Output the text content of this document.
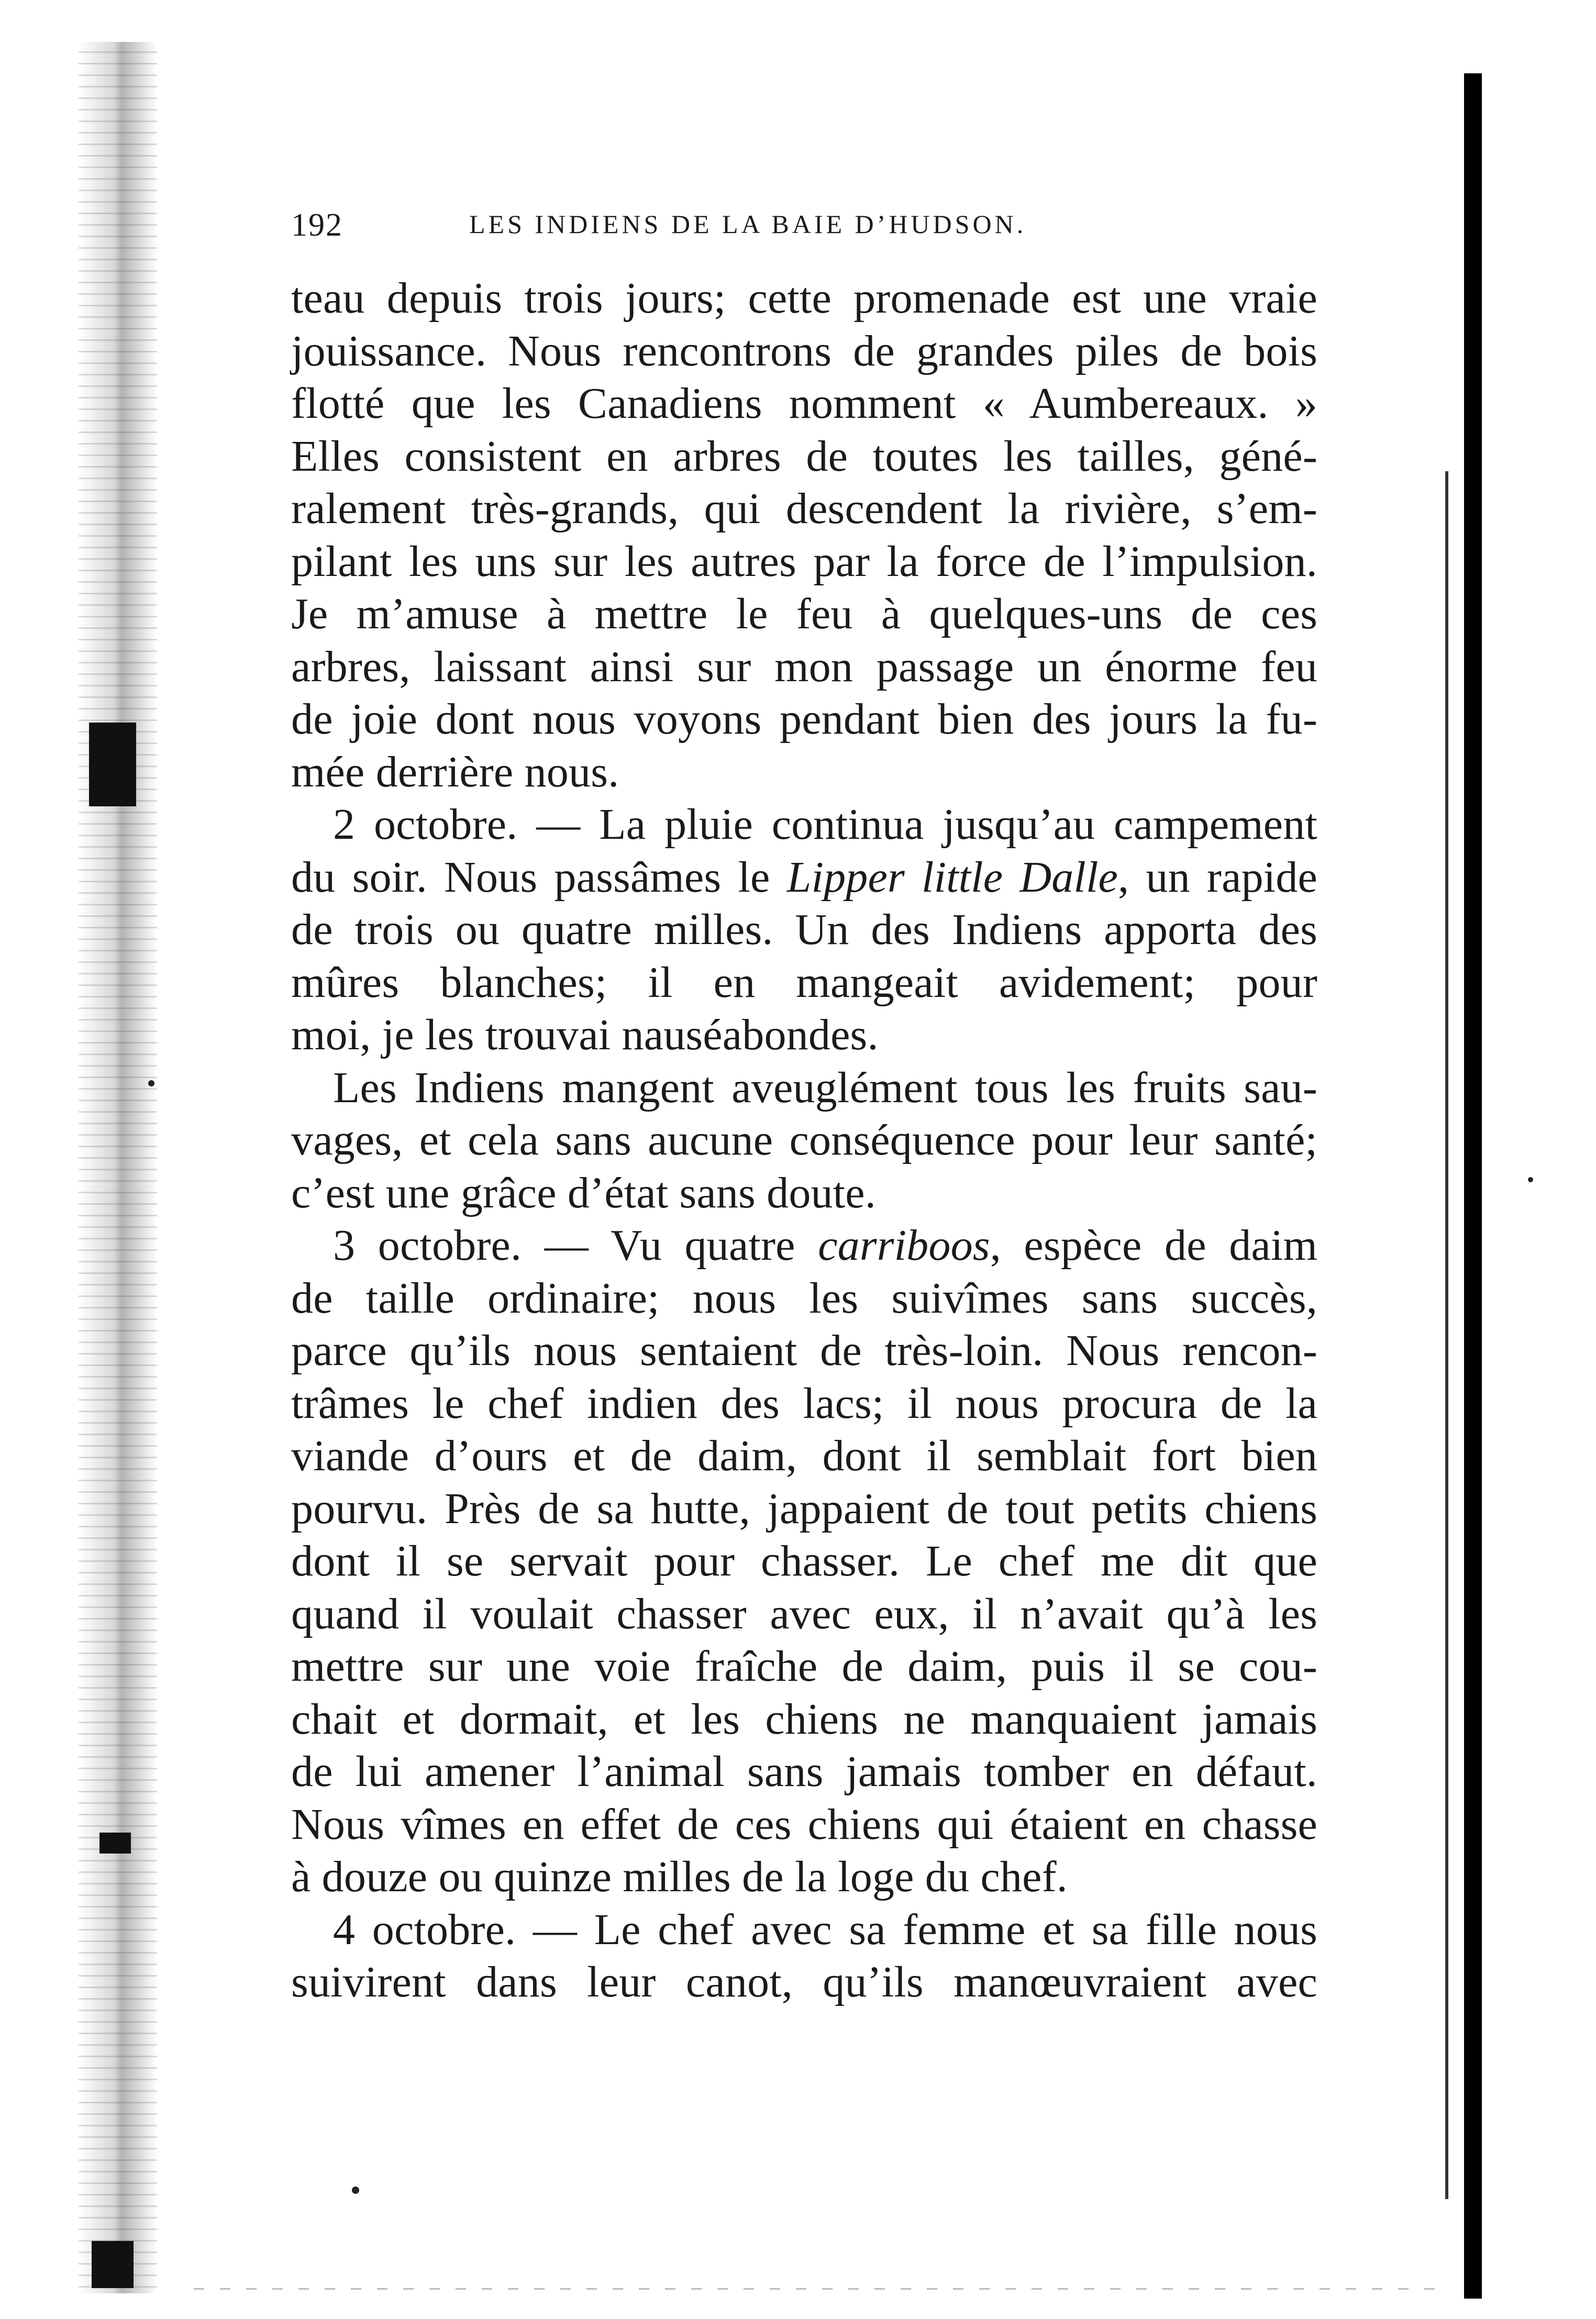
192	LES INDIENS DE LA BAIE D’HUDSON.
teau depuis trois jours; cette promenade est une vraie
jouissance. Nous rencontrons de grandes piles de bois
flotté que les Canadiens nomment « Aumbereaux. »
Elles consistent en arbres de toutes les tailles, géné-
ralement très-grands, qui descendent la rivière, s’em-
pilant les uns sur les autres par la force de l’impulsion.
Je m’amuse à mettre le feu à quelques-uns de ces
arbres, laissant ainsi sur mon passage un énorme feu
de joie dont nous voyons pendant bien des jours la fu-
mée derrière nous.
2 octobre. — La pluie continua jusqu’au campement
du soir. Nous passâmes le Lipper little Dalle, un rapide
de trois ou quatre milles. Un des Indiens apporta des
mûres blanches; il en mangeait avidement; pour
moi, je les trouvai nauséabondes.
Les Indiens mangent aveuglément tous les fruits sau-
vages, et cela sans aucune conséquence pour leur santé;
c’est une grâce d’état sans doute.
3 octobre. — Vu quatre carriboos, espèce de daim
de taille ordinaire; nous les suivîmes sans succès,
parce qu’ils nous sentaient de très-loin. Nous rencon-
trâmes le chef indien des lacs; il nous procura de la
viande d’ours et de daim, dont il semblait fort bien
pourvu. Près de sa hutte, jappaient de tout petits chiens
dont il se servait pour chasser. Le chef me dit que
quand il voulait chasser avec eux, il n’avait qu’à les
mettre sur une voie fraîche de daim, puis il se cou-
chait et dormait, et les chiens ne manquaient jamais
de lui amener l’animal sans jamais tomber en défaut.
Nous vîmes en effet de ces chiens qui étaient en chasse
à douze ou quinze milles de la loge du chef.
4 octobre. — Le chef avec sa femme et sa fille nous
suivirent dans leur canot, qu’ils manœuvraient avec
